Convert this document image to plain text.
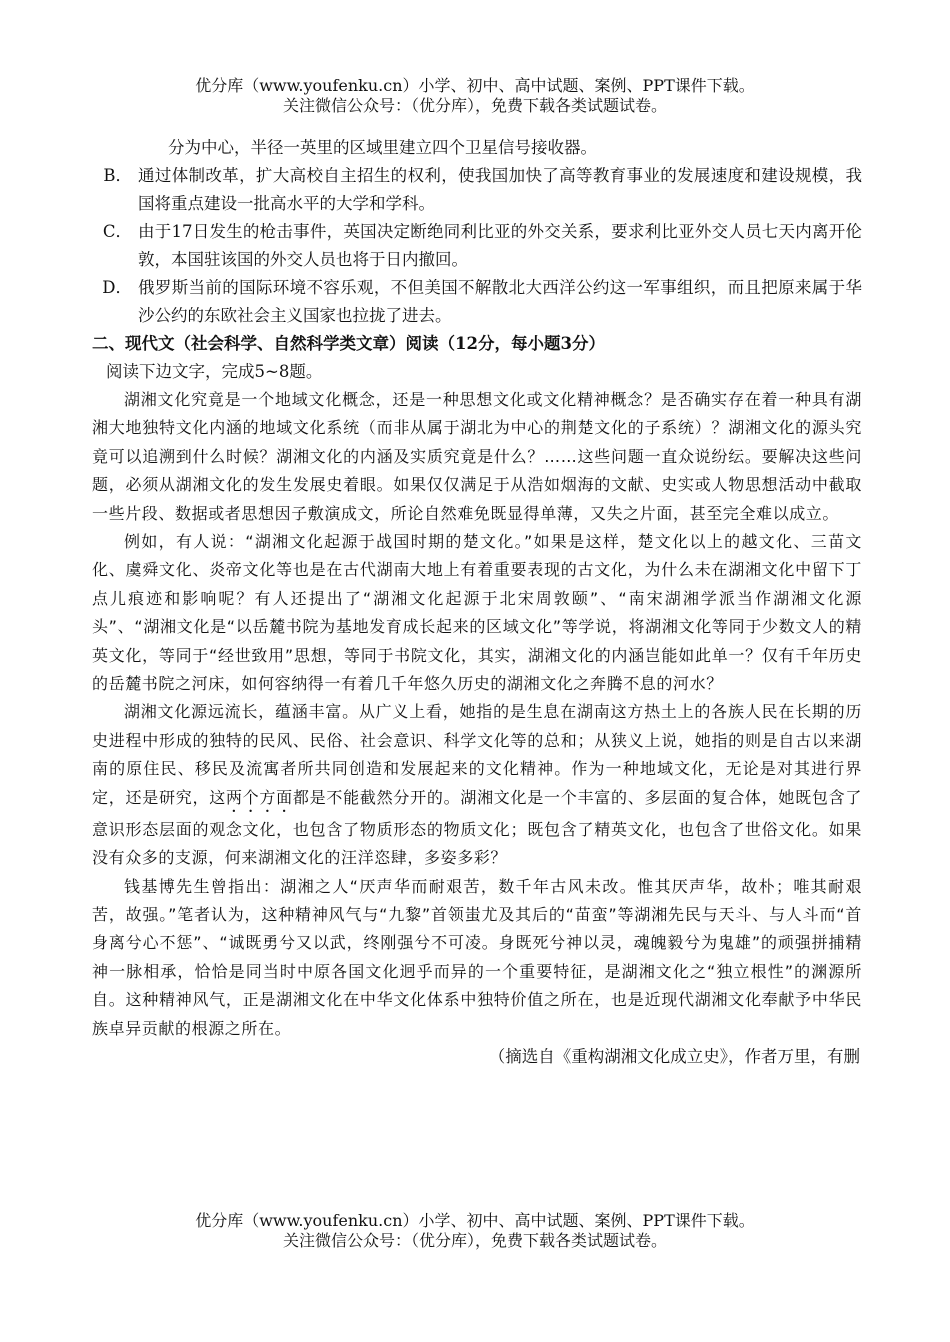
优分库（www.youfenku.cn）小学、初中、高中试题、案例、PPT课件下载。
关注微信公众号：（优分库），免费下载各类试题试卷。
分为中心，半径一英里的区域里建立四个卫星信号接收器。
B． 通过体制改革，扩大高校自主招生的权利，使我国加快了高等教育事业的发展速度和建设规模，我国将重点建设一批高水平的大学和学科。
C． 由于17日发生的枪击事件，英国决定断绝同利比亚的外交关系，要求利比亚外交人员七天内离开伦敦，本国驻该国的外交人员也将于日内撤回。
D． 俄罗斯当前的国际环境不容乐观，不但美国不解散北大西洋公约这一军事组织，而且把原来属于华沙公约的东欧社会主义国家也拉拢了进去。
二、现代文（社会科学、自然科学类文章）阅读（12分，每小题3分）
阅读下边文字，完成5~8题。
湖湘文化究竟是一个地域文化概念，还是一种思想文化或文化精神概念？是否确实存在着一种具有湖湘大地独特文化内涵的地域文化系统（而非从属于湖北为中心的荆楚文化的子系统）？湖湘文化的源头究竟可以追溯到什么时候？湖湘文化的内涵及实质究竟是什么？……这些问题一直众说纷纭。要解决这些问题，必须从湖湘文化的发生发展史着眼。如果仅仅满足于从浩如烟海的文献、史实或人物思想活动中截取一些片段、数据或者思想因子敷演成文，所论自然难免既显得单薄，又失之片面，甚至完全难以成立。
例如，有人说：“湖湘文化起源于战国时期的楚文化。”如果是这样，楚文化以上的越文化、三苗文化、虞舜文化、炎帝文化等也是在古代湖南大地上有着重要表现的古文化，为什么未在湖湘文化中留下丁点儿痕迹和影响呢？有人还提出了“湖湘文化起源于北宋周敦颐”、“南宋湖湘学派当作湖湘文化源头”、“湖湘文化是“以岳麓书院为基地发育成长起来的区域文化”等学说，将湖湘文化等同于少数文人的精英文化，等同于“经世致用”思想，等同于书院文化，其实，湖湘文化的内涵岂能如此单一？仅有千年历史的岳麓书院之河床，如何容纳得一有着几千年悠久历史的湖湘文化之奔腾不息的河水？
湖湘文化源远流长，蕴涵丰富。从广义上看，她指的是生息在湖南这方热土上的各族人民在长期的历史进程中形成的独特的民风、民俗、社会意识、科学文化等的总和；从狭义上说，她指的则是自古以来湖南的原住民、移民及流寓者所共同创造和发展起来的文化精神。作为一种地域文化，无论是对其进行界定，还是研究，这两个方面都是不能截然分开的。湖湘文化是一个丰富的、多层面的复合体，她既包含了意识形态层面的观念文化，也包含了物质形态的物质文化；既包含了精英文化，也包含了世俗文化。如果没有众多的支源，何来湖湘文化的汪洋恣肆，多姿多彩？
钱基博先生曾指出：湖湘之人“厌声华而耐艰苦，数千年古风未改。惟其厌声华，故朴；唯其耐艰苦，故强。”笔者认为，这种精神风气与“九黎”首领蚩尤及其后的“苗蛮”等湖湘先民与天斗、与人斗而“首身离兮心不惩”、“诚既勇兮又以武，终刚强兮不可凌。身既死兮神以灵，魂魄毅兮为鬼雄”的顽强拼捕精神一脉相承，恰恰是同当时中原各国文化迥乎而异的一个重要特征，是湖湘文化之“独立根性”的渊源所自。这种精神风气，正是湖湘文化在中华文化体系中独特价值之所在，也是近现代湖湘文化奉献予中华民族卓异贡献的根源之所在。
（摘选自《重构湖湘文化成立史》，作者万里，有删
优分库（www.youfenku.cn）小学、初中、高中试题、案例、PPT课件下载。
关注微信公众号：（优分库），免费下载各类试题试卷。
